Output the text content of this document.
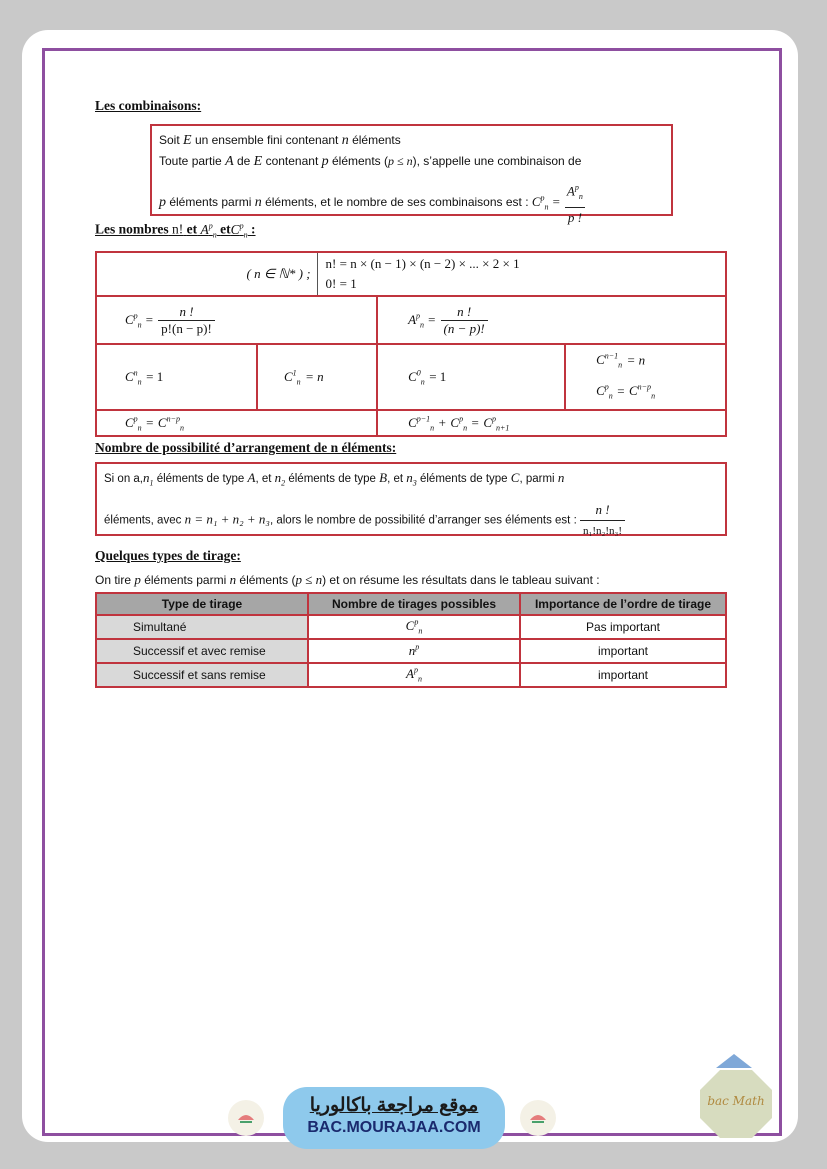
Les combinaisons:
Soit E un ensemble fini contenant n éléments
Toute partie A de E contenant p éléments (p ≤ n), s’appelle une combinaison de
p éléments parmi n éléments, et le nombre de ses combinaisons est : $C^p_n = \frac{A^p_n}{p !}$
Les nombres n! et $A^p_n$ etC$^p_n$ :
( n ∈ ℕ* ) ;		n! = n × (n − 1) × (n − 2) × ... × 2 × 1
0! = 1		

$C^p_n = \frac{n !}{p!(n - p)!}$			$A^p_n = \frac{n !}{(n - p)!}$

$C^n_n = 1$	$C^1_n = n$		$C^0_n = 1$	$C^{n-1}_n = n$
$C^p_n = C^{n-p}_n$

$C^p_n = C^{n-p}_n$			$C^{p-1}_n + C^p_n = C^p_{n+1}$
Nombre de possibilité d’arrangement de n éléments:
Si on $a,n_1$ éléments de type A, et $n_2$ éléments de type B, et $n_3$ éléments de type C, parmi n
éléments, avec n = n₁ + n₂ + n₃, alors le nombre de possibilité d’arranger ses éléments est : $\frac{n !}{\text{n₁!n₂!n₃!}}$
Quelques types de tirage:
On tire p éléments parmi n éléments (p ≤ n) et on résume les résultats dans le tableau suivant :
Type de tirage	Nombre de tirages possibles	Importance de l’ordre de tirage
Simultané	$C^p_n$	Pas important
Successif et avec remise	$n^p$	important
Successif et sans remise	$A^p_n$	important
موقع مراجعة باكالوريا
BAC.MOURAJAA.COM
bac Math
